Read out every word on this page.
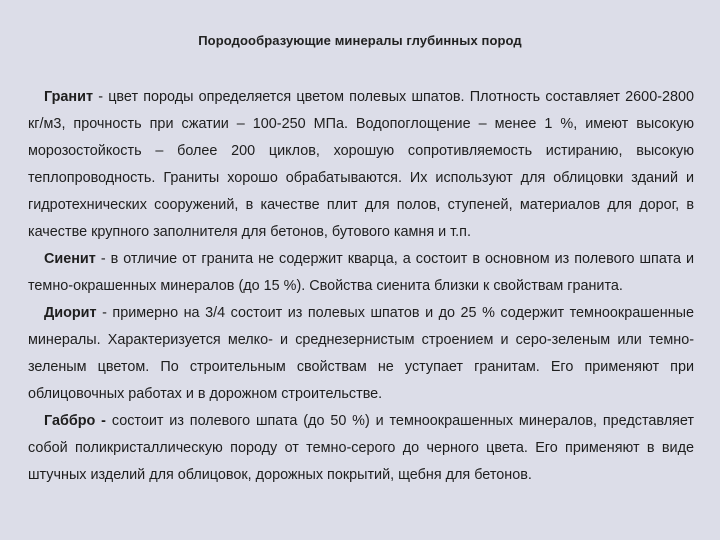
Породообразующие минералы глубинных пород

Гранит - цвет породы определяется цветом полевых шпатов. Плотность составляет 2600-2800 кг/м3, прочность при сжатии – 100-250 МПа. Водопоглощение – менее 1 %, имеют высокую морозостойкость – более 200 циклов, хорошую сопротивляемость истиранию, высокую теплопроводность. Граниты хорошо обрабатываются. Их используют для облицовки зданий и гидротехнических сооружений, в качестве плит для полов, ступеней, материалов для дорог, в качестве крупного заполнителя для бетонов, бутового камня и т.п.

Сиенит - в отличие от гранита не содержит кварца, а состоит в основном из полевого шпата и темно-окрашенных минералов (до 15 %). Свойства сиенита близки к свойствам гранита.

Диорит - примерно на 3/4 состоит из полевых шпатов и до 25 % содержит темноокрашенные минералы. Характеризуется мелко- и среднезернистым строением и серо-зеленым или темно-зеленым цветом. По строительным свойствам не уступает гранитам. Его применяют при облицовочных работах и в дорожном строительстве.

Габбро - состоит из полевого шпата (до 50 %) и темноокрашенных минералов, представляет собой поликристаллическую породу от темно-серого до черного цвета. Его применяют в виде штучных изделий для облицовок, дорожных покрытий, щебня для бетонов.
